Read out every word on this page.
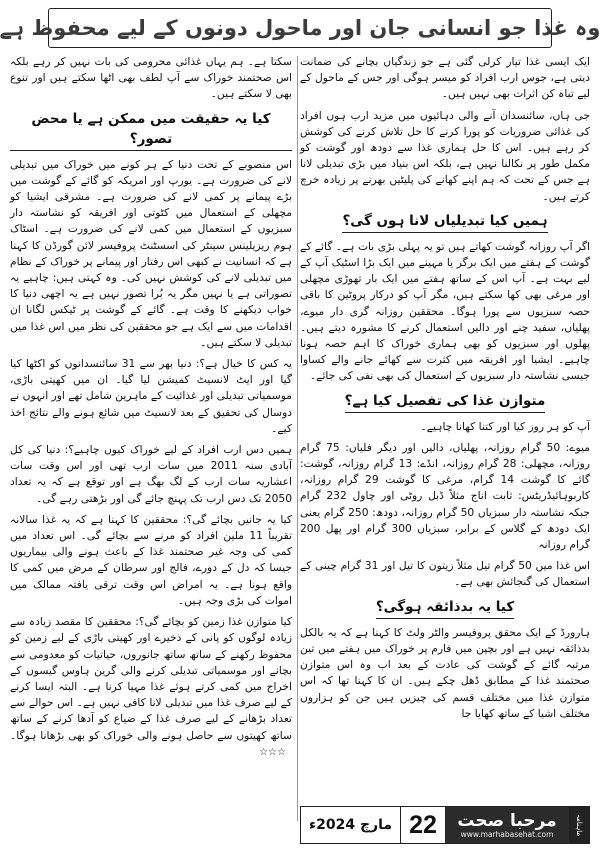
وہ غذا جو انسانی جان اور ماحول دونوں کے لیے محفوظ ہے

ایک ایسی غذا تیار کرلی گئی ہے جو زندگیاں بچانے کی ضمانت دیتی ہے، جوس ارب افراد کو میسر ہوگی اور جس کے ماحول کے لیے تباہ کن اثرات بھی نہیں ہیں۔

جی ہاں، سائنسدان آنے والی دہائیوں میں مزید ارب ہوں افراد کی غذائی ضروریات کو پورا کرنے کا حل تلاش کرنے کی کوشش کر رہے ہیں۔ اس کا حل ہماری غذا سے دودھ اور گوشت کو مکمل طور پر نکالنا نہیں ہے، بلکہ اس بنیاد میں بڑی تبدیلی لانا ہے جس کے تحت کہ ہم اپنے کھانے کی پلیٹیں بھرنے پر زیادہ خرچ کرتے ہیں۔

ہمیں کیا تبدیلیاں لانا ہوں گی؟

اگر آپ روزانہ گوشت کھاتے ہیں تو یہ پہلی بڑی بات ہے۔ گائے کے گوشت کے ہفتے میں ایک برگر یا مہینے میں ایک بڑا اسٹیک آپ کے لیے بہت ہے۔ آپ اس کے ساتھ ہفتے میں ایک بار تھوڑی مچھلی اور مرغی بھی کھا سکتے ہیں، مگر آپ کو درکار پروٹین کا باقی حصہ سبزیوں سے پورا ہوگا۔ محققین روزانہ گری دار میوے، پھلیاں، سفید چنے اور دالیں استعمال کرنے کا مشورہ دیتے ہیں۔ پھلوں اور سبزیوں کو بھی ہماری خوراک کا اہم حصہ ہونا چاہیے۔ ایشیا اور افریقہ میں کثرت سے کھائے جانے والے کساوا جیسی نشاستہ دار سبزیوں کے استعمال کی بھی نفی کی جائے۔

متوازن غذا کی تفصیل کیا ہے؟

آپ کو ہر روز کیا اور کتنا کھانا چاہیے۔

میوے: 50 گرام روزانہ، پھلیاں، دالیں اور دیگر فلیاں: 75 گرام روزانہ، مچھلی: 28 گرام روزانہ، انڈے: 13 گرام روزانہ، گوشت: گائے کا گوشت 14 گرام، مرغی کا گوشت 29 گرام روزانہ، کاربوہائیڈریٹس: ثابت اناج مثلاً ڈبل روٹی اور چاول 232 گرام جبکہ نشاستہ دار سبزیاں 50 گرام روزانہ، دودھ: 250 گرام یعنی ایک دودھ کے گلاس کے برابر، سبزیاں 300 گرام اور پھل 200 گرام روزانہ

اس غذا میں 50 گرام تیل مثلاً زیتون کا تیل اور 31 گرام چینی کے استعمال کی گنجائش بھی ہے۔

کیا یہ بدذائقہ ہوگی؟

ہارورڈ کے ایک محقق پروفیسر والٹر ولٹ کا کہنا ہے کہ یہ بالکل بدذائقہ نہیں ہے اور بچپن میں فارم پر خوراک میں ہفتے میں تین مرتبہ گائے کے گوشت کی عادت کے بعد اب وہ اس متوازن صحتمند غذا کے مطابق ڈھل چکے ہیں۔ ان کا کہنا تھا کہ اس متوازن غذا میں مختلف قسم کی چیزیں ہیں جن کو ہزاروں مختلف اشیا کے ساتھ کھایا جا

سکتا ہے۔ ہم یہاں غذائی محرومی کی بات نہیں کر رہے بلکہ اس صحتمند خوراک سے آپ لطف بھی اٹھا سکتے ہیں اور تنوع بھی لا سکتے ہیں۔

کیا یہ حقیقت میں ممکن ہے یا محض تصور؟

اس منصوبے کے تحت دنیا کے ہر کونے میں خوراک میں تبدیلی لانے کی ضرورت ہے۔ یورپ اور امریکہ کو گائے کے گوشت میں بڑے پیمانے پر کمی لانے کی ضرورت ہے۔ مشرقی ایشیا کو مچھلی کے استعمال میں کٹوتی اور افریقہ کو نشاستہ دار سبزیوں کے استعمال میں کمی لانے کی ضرورت ہے۔ اسٹاک ہوم ریزیلینس سینٹر کی اسسٹنٹ پروفیسر لائن گورڈن کا کہنا ہے کہ انسانیت نے کبھی اس رفتار اور پیمانے پر خوراک کے نظام میں تبدیلی لانے کی کوشش نہیں کی۔ وہ کہتی ہیں: چاہیے یہ تصوراتی ہے یا نہیں مگر یہ بُرا تصور نہیں ہے یہ اچھی دنیا کا خواب دیکھنے کا وقت ہے۔ گائے کے گوشت پر ٹیکس لگانا ان اقدامات میں سے ایک ہے جو محققین کی نظر میں اس غذا میں تبدیلی لا سکتے ہیں۔

یہ کس کا خیال ہے؟: دنیا بھر سے 31 سائنسدانوں کو اکٹھا کیا گیا اور ایٹ لانسیٹ کمیشن لیا گیا۔ ان میں کھیتی باڑی، موسمیاتی تبدیلی اور غذائیت کے ماہرین شامل تھے اور انہوں نے دوسال کی تحقیق کے بعد لانسیٹ میں شائع ہونے والے نتائج اخذ کیے۔

ہمیں دس ارب افراد کے لیے خوراک کیوں چاہیے؟: دنیا کی کل آبادی سنہ 2011 میں سات ارب تھی اور اس وقت سات اعشاریہ سات ارب کے لگ بھگ ہے اور توقع ہے کہ یہ تعداد 2050 تک دس ارب تک پہنچ جائے گی اور بڑھتی رہے گی۔

کیا یہ جانیں بچائے گی؟: محققین کا کہنا ہے کہ یہ غذا سالانہ تقریباً 11 ملین افراد کو مرنے سے بچائے گی۔ اس تعداد میں کمی کی وجہ غیر صحتمند غذا کے باعث ہونے والی بیماریوں جیسا کہ دل کے دورے، فالج اور سرطان کے مرض میں کمی کا واقع ہونا ہے۔ یہ امراض اس وقت ترقی یافتہ ممالک میں اموات کی بڑی وجہ ہیں۔

کیا متوازن غذا زمین کو بچائے گی؟: محققین کا مقصد زیادہ سے زیادہ لوگوں کو پانی کے ذخیرے اور کھیتی باڑی کے لیے زمین کو محفوظ رکھنے کے ساتھ ساتھ جانوروں، حیاتیات کو معدومی سے بچانے اور موسمیاتی تبدیلی کرنے والی گرین ہاوس گیسوں کے اخراج میں کمی کرتے ہوئے غذا مہیا کرنا ہے۔ البتہ ایسا کرنے کے لیے صرف غذا میں تبدیلی لانا کافی نہیں ہے۔ اس حوالے سے تعداد بڑھانے کے لیے صرف غذا کے ضیاع کو آدھا کرنے کے ساتھ ساتھ کھیتوں سے حاصل ہونے والی خوراک کو بھی بڑھانا ہوگا۔☆☆☆

ماہنامہ
مرحبا صحت
www.marhabasehat.com
22
مارچ 2024ء
